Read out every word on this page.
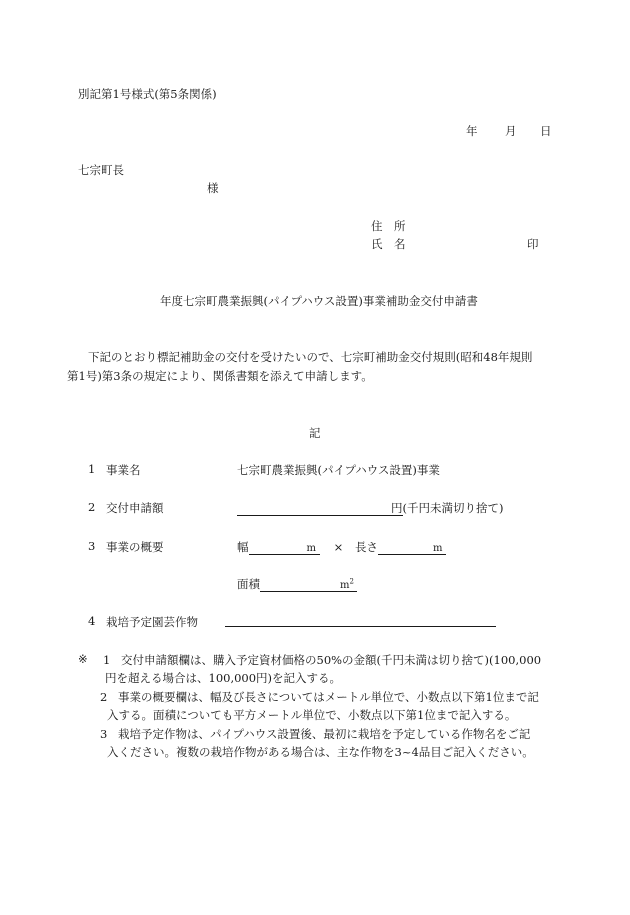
別記第1号様式(第5条関係)
年 月 日
七宗町長
様
住　所
氏　名	印
年度七宗町農業振興(パイプハウス設置)事業補助金交付申請書
下記のとおり標記補助金の交付を受けたいので、七宗町補助金交付規則(昭和48年規則
第1号)第3条の規定により、関係書類を添えて申請します。
記
1 事業名	七宗町農業振興(パイプハウス設置)事業
2 交付申請額	円(千円未満切り捨て)
3 事業の概要	幅	m × 長さ	m
面積	$m^2$
4 栽培予定園芸作物
※ 1 交付申請額欄は、購入予定資材価格の50%の金額(千円未満は切り捨て)(100,000
円を超える場合は、100,000円)を記入する。
2 事業の概要欄は、幅及び長さについてはメートル単位で、小数点以下第1位まで記
入する。面積についても平方メートル単位で、小数点以下第1位まで記入する。
3 栽培予定作物は、パイプハウス設置後、最初に栽培を予定している作物名をご記
入ください。複数の栽培作物がある場合は、主な作物を3~4品目ご記入ください。
